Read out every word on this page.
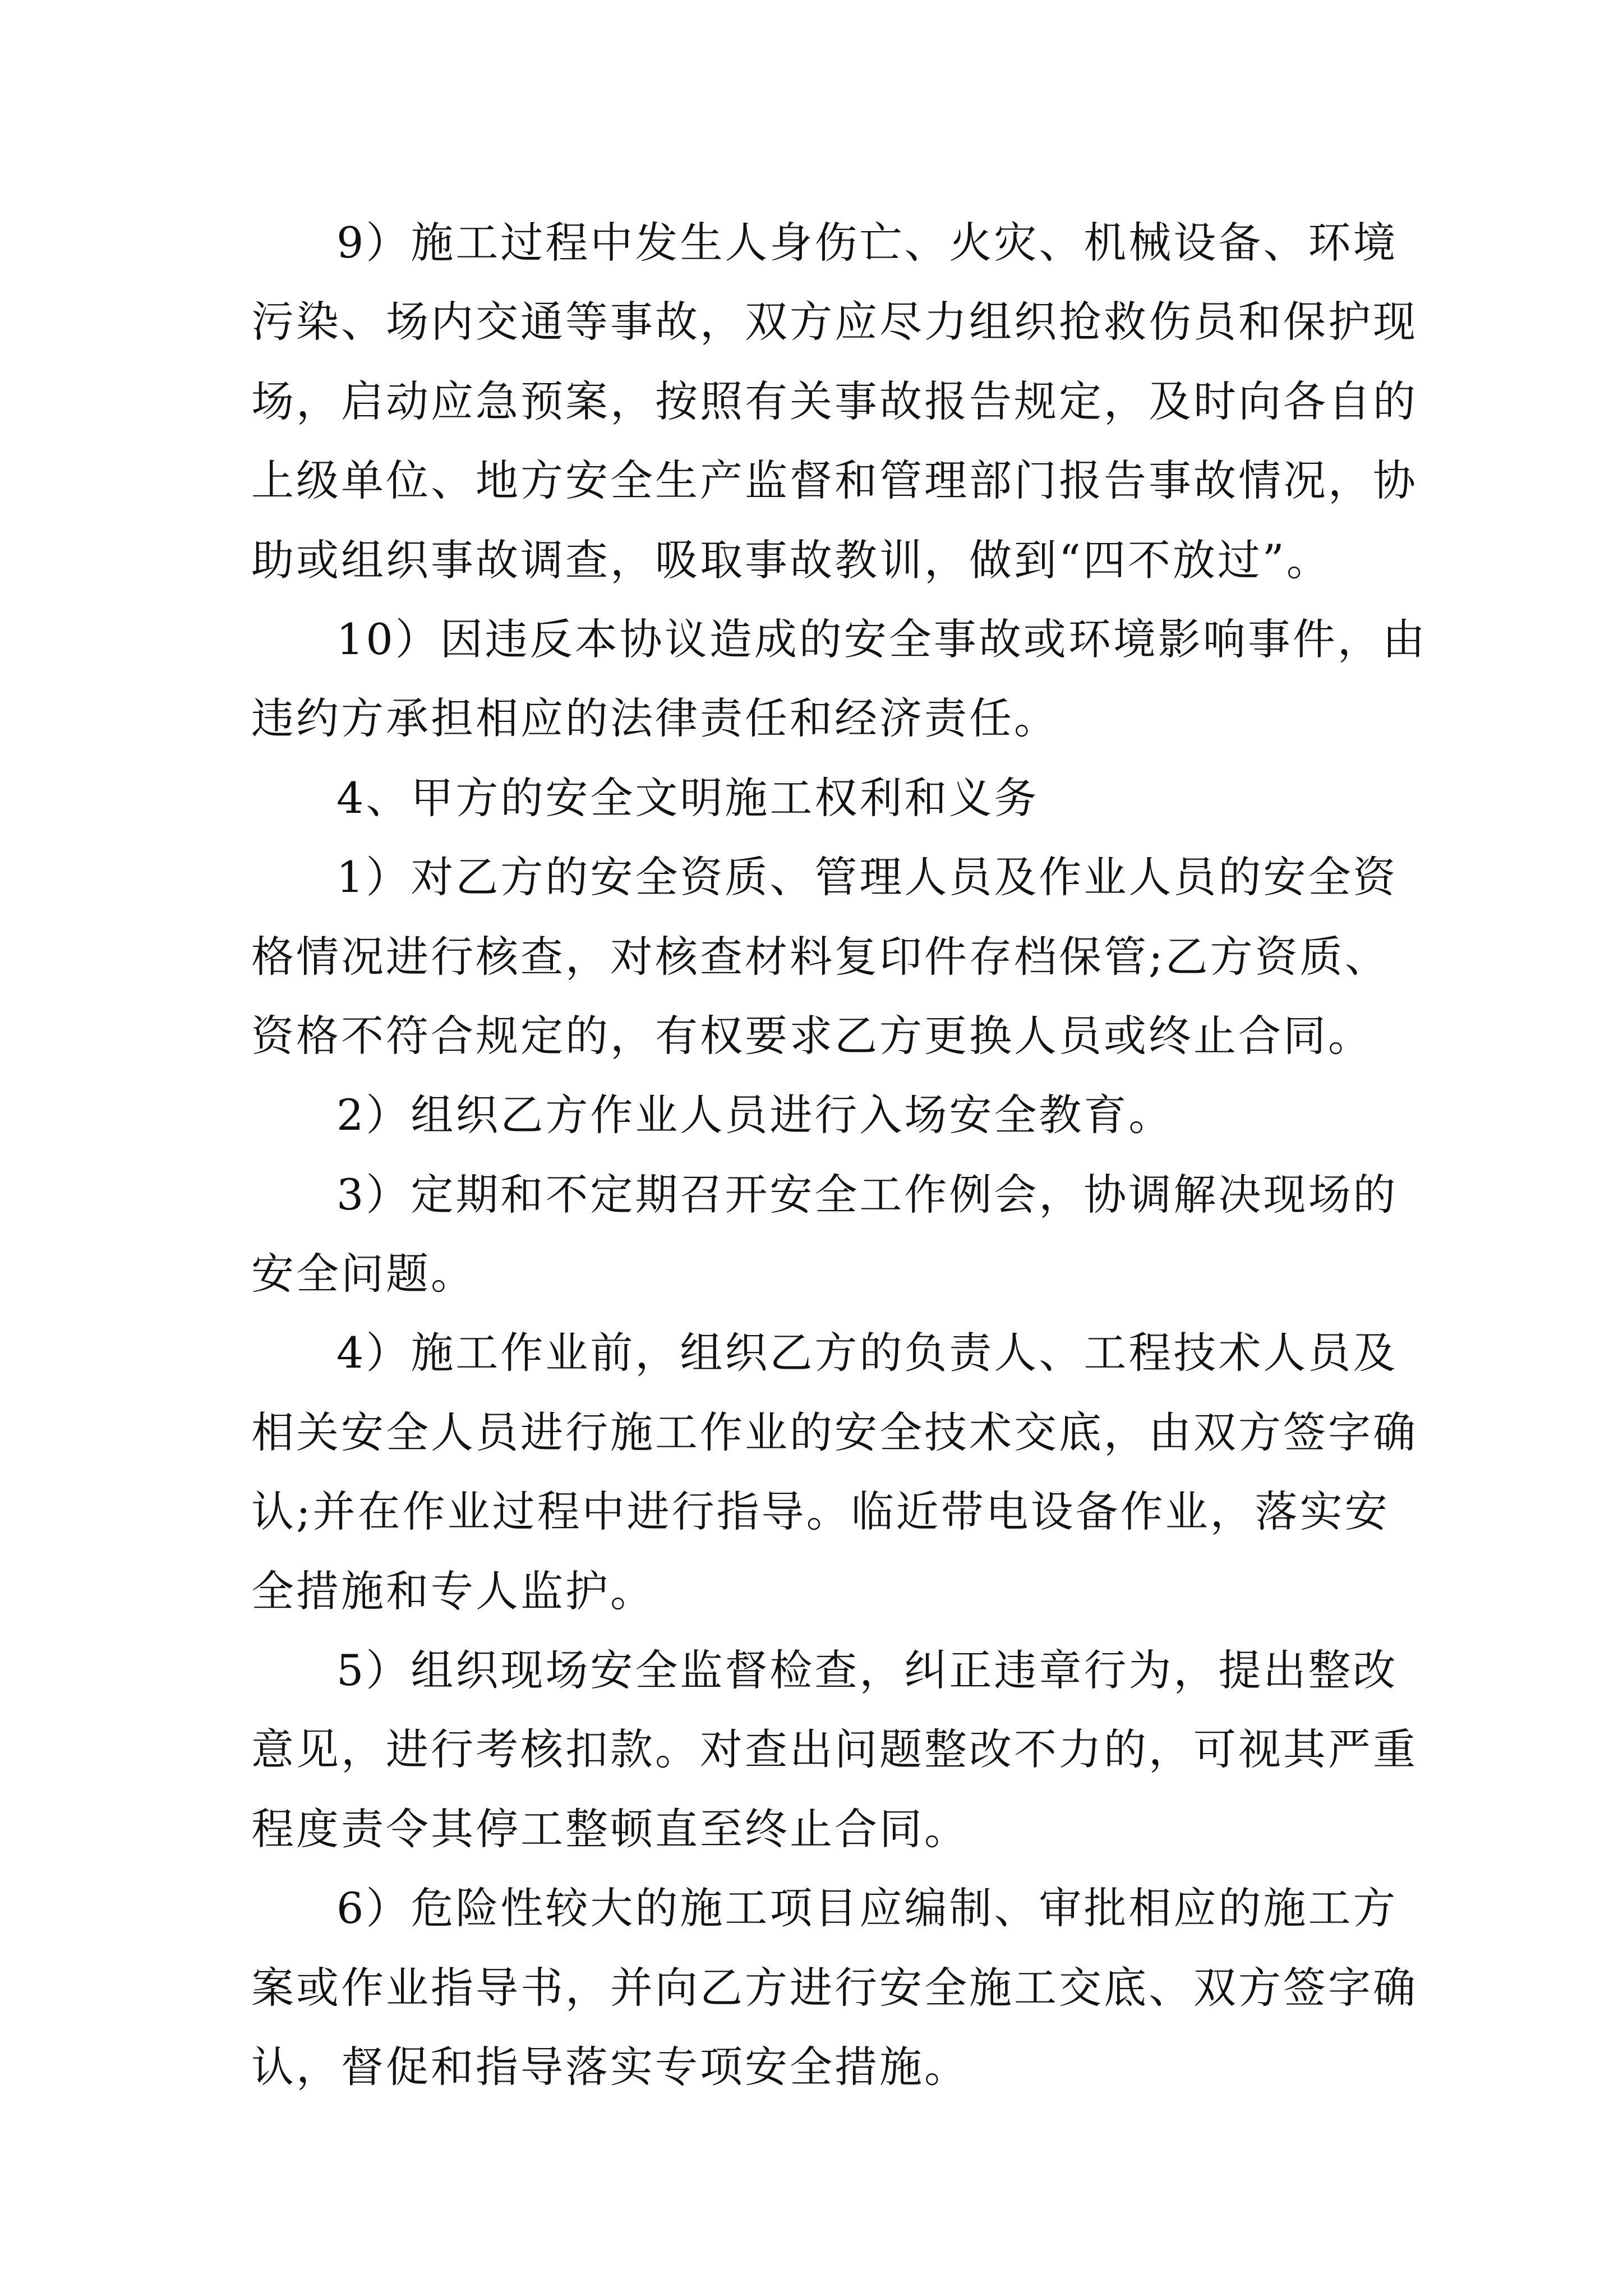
9）施工过程中发生人身伤亡、火灾、机械设备、环境
污染、场内交通等事故，双方应尽力组织抢救伤员和保护现
场，启动应急预案，按照有关事故报告规定，及时向各自的
上级单位、地方安全生产监督和管理部门报告事故情况，协
助或组织事故调查，吸取事故教训，做到“四不放过”。
10）因违反本协议造成的安全事故或环境影响事件，由
违约方承担相应的法律责任和经济责任。
4、甲方的安全文明施工权利和义务
1）对乙方的安全资质、管理人员及作业人员的安全资
格情况进行核查，对核查材料复印件存档保管;乙方资质、
资格不符合规定的，有权要求乙方更换人员或终止合同。
2）组织乙方作业人员进行入场安全教育。
3）定期和不定期召开安全工作例会，协调解决现场的
安全问题。
4）施工作业前，组织乙方的负责人、工程技术人员及
相关安全人员进行施工作业的安全技术交底，由双方签字确
认;并在作业过程中进行指导。临近带电设备作业，落实安
全措施和专人监护。
5）组织现场安全监督检查，纠正违章行为，提出整改
意见，进行考核扣款。对查出问题整改不力的，可视其严重
程度责令其停工整顿直至终止合同。
6）危险性较大的施工项目应编制、审批相应的施工方
案或作业指导书，并向乙方进行安全施工交底、双方签字确
认，督促和指导落实专项安全措施。
